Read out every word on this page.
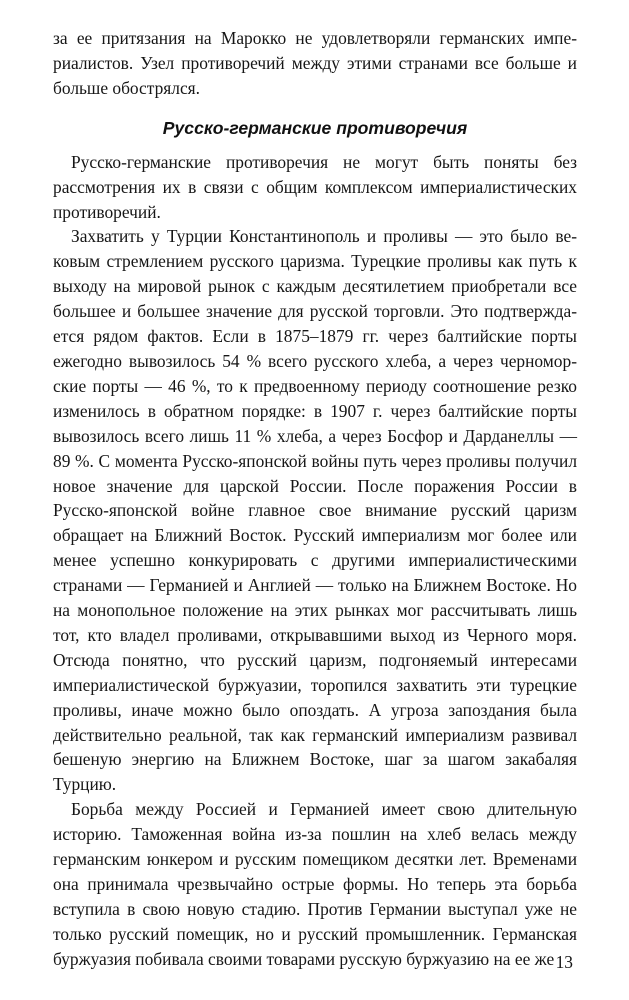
за ее притязания на Марокко не удовлетворяли германских империалистов. Узел противоречий между этими странами все больше и больше обострялся.

Русско-германские противоречия

Русско-германские противоречия не могут быть поняты без рассмотрения их в связи с общим комплексом империалистических противоречий.

Захватить у Турции Константинополь и проливы — это было вековым стремлением русского царизма. Турецкие проливы как путь к выходу на мировой рынок с каждым десятилетием приобретали все большее и большее значение для русской торговли. Это подтверждается рядом фактов. Если в 1875–1879 гг. через балтийские порты ежегодно вывозилось 54 % всего русского хлеба, а через черноморские порты — 46 %, то к предвоенному периоду соотношение резко изменилось в обратном порядке: в 1907 г. через балтийские порты вывозилось всего лишь 11 % хлеба, а через Босфор и Дарданеллы — 89 %. С момента Русско-японской войны путь через проливы получил новое значение для царской России. После поражения России в Русско-японской войне главное свое внимание русский царизм обращает на Ближний Восток. Русский империализм мог более или менее успешно конкурировать с другими империалистическими странами — Германией и Англией — только на Ближнем Востоке. Но на монопольное положение на этих рынках мог рассчитывать лишь тот, кто владел проливами, открывавшими выход из Черного моря. Отсюда понятно, что русский царизм, подгоняемый интересами империалистической буржуазии, торопился захватить эти турецкие проливы, иначе можно было опоздать. А угроза запоздания была действительно реальной, так как германский империализм развивал бешеную энергию на Ближнем Востоке, шаг за шагом закабаляя Турцию.

Борьба между Россией и Германией имеет свою длительную историю. Таможенная война из-за пошлин на хлеб велась между германским юнкером и русским помещиком десятки лет. Временами она принимала чрезвычайно острые формы. Но теперь эта борьба вступила в свою новую стадию. Против Германии выступал уже не только русский помещик, но и русский промышленник. Германская буржуазия побивала своими товарами русскую буржуазию на ее же 13
